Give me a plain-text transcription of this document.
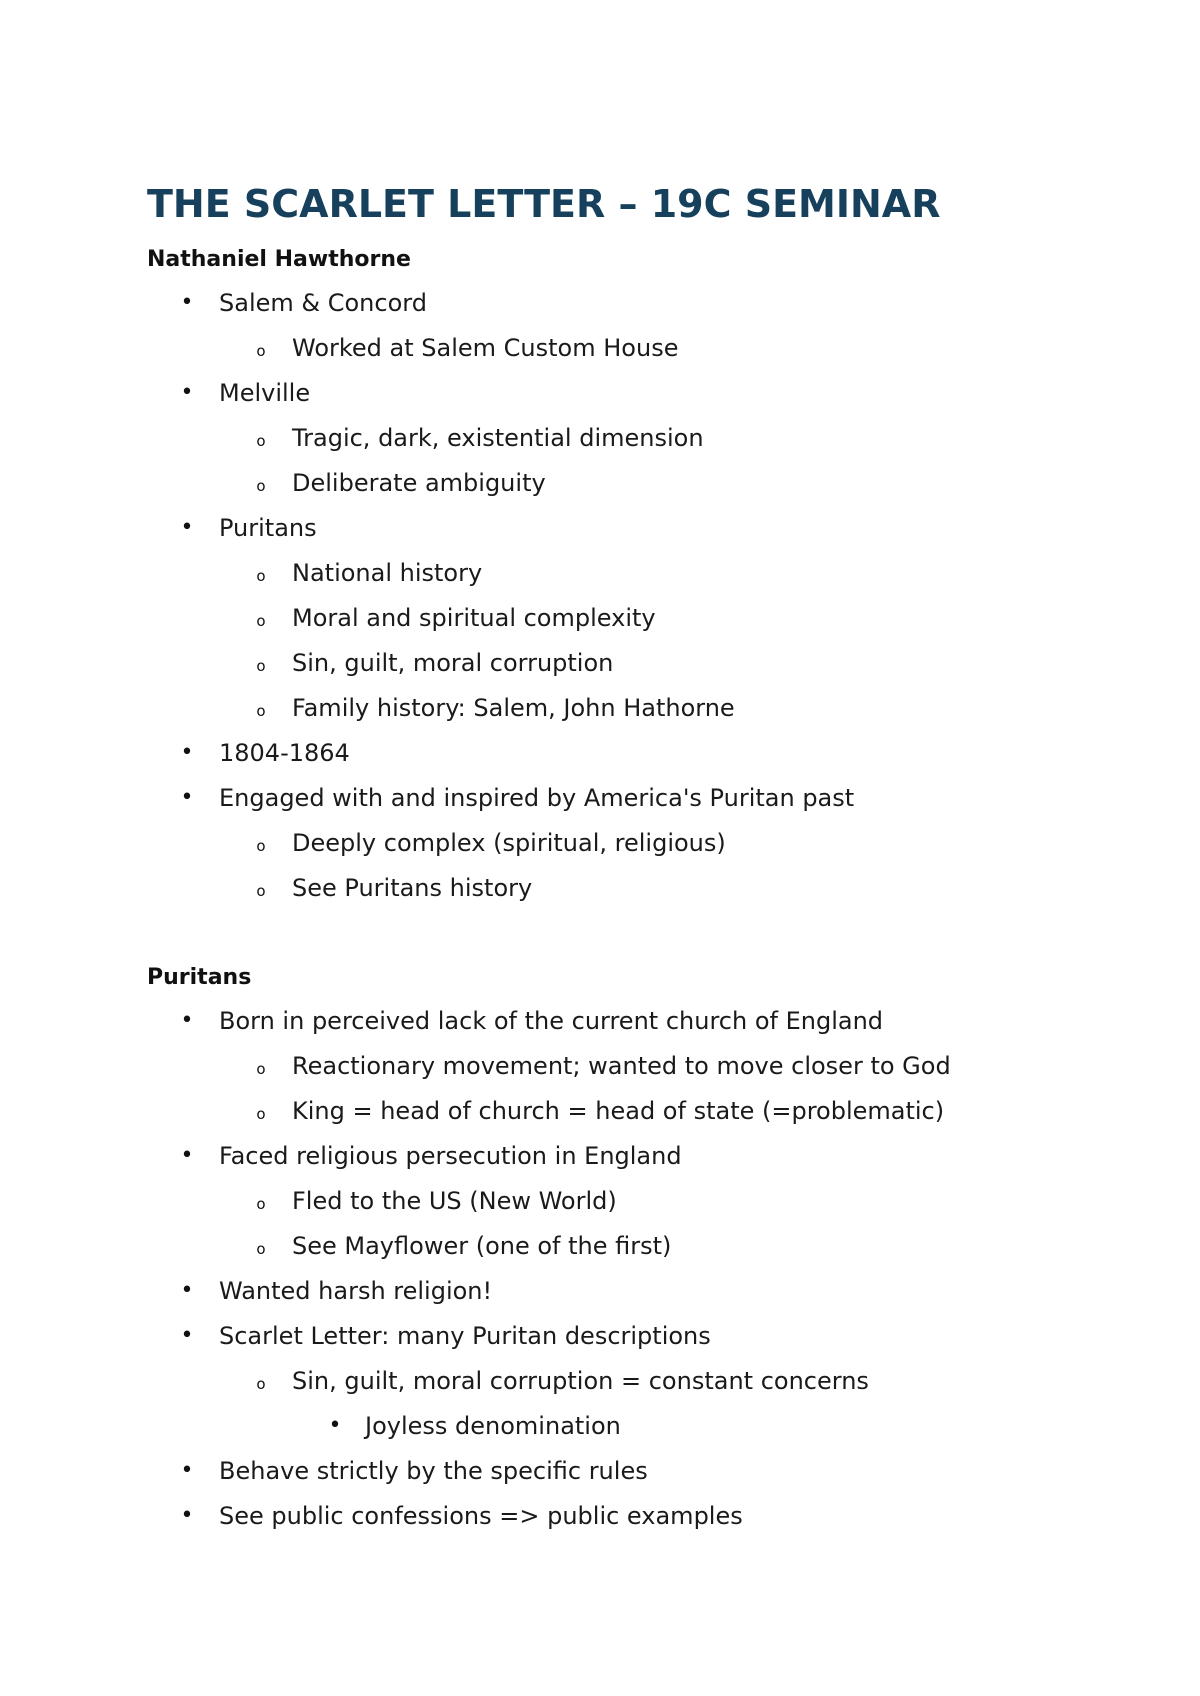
THE SCARLET LETTER – 19C SEMINAR
Nathaniel Hawthorne
• Salem & Concord
o Worked at Salem Custom House
• Melville
o Tragic, dark, existential dimension
o Deliberate ambiguity
• Puritans
o National history
o Moral and spiritual complexity
o Sin, guilt, moral corruption
o Family history: Salem, John Hathorne
• 1804-1864
• Engaged with and inspired by America's Puritan past
o Deeply complex (spiritual, religious)
o See Puritans history
Puritans
• Born in perceived lack of the current church of England
o Reactionary movement; wanted to move closer to God
o King = head of church = head of state (=problematic)
• Faced religious persecution in England
o Fled to the US (New World)
o See Mayflower (one of the first)
• Wanted harsh religion!
• Scarlet Letter: many Puritan descriptions
o Sin, guilt, moral corruption = constant concerns
• Joyless denomination
• Behave strictly by the specific rules
• See public confessions => public examples
